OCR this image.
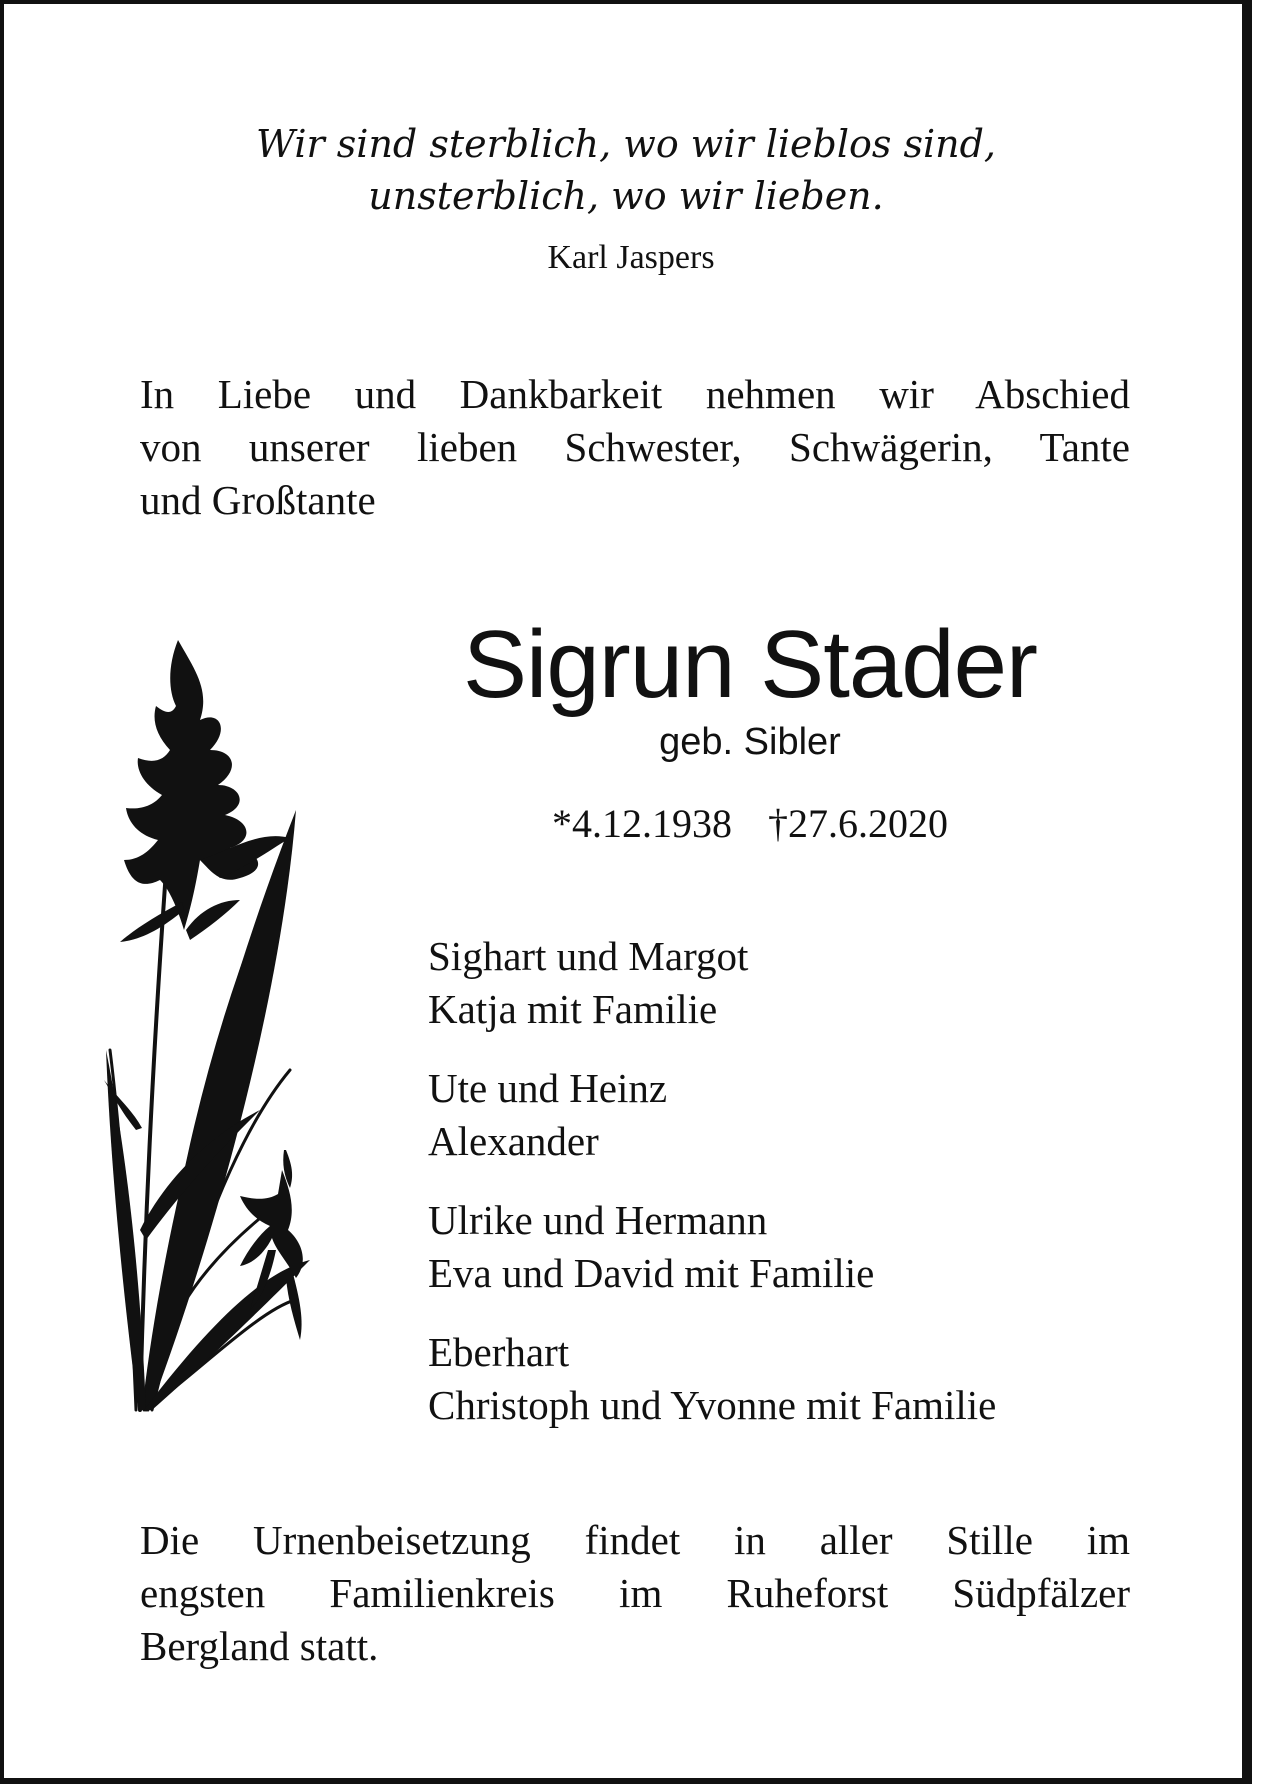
Wir sind sterblich, wo wir lieblos sind,
unsterblich, wo wir lieben.
Karl Jaspers
In Liebe und Dankbarkeit nehmen wir Abschied
von unserer lieben Schwester, Schwägerin, Tante
und Großtante
Sigrun Stader
geb. Sibler
*4.12.1938 †27.6.2020
Sighart und Margot
Katja mit Familie
Ute und Heinz
Alexander
Ulrike und Hermann
Eva und David mit Familie
Eberhart
Christoph und Yvonne mit Familie
Die Urnenbeisetzung findet in aller Stille im
engsten Familienkreis im Ruheforst Südpfälzer
Bergland statt.
